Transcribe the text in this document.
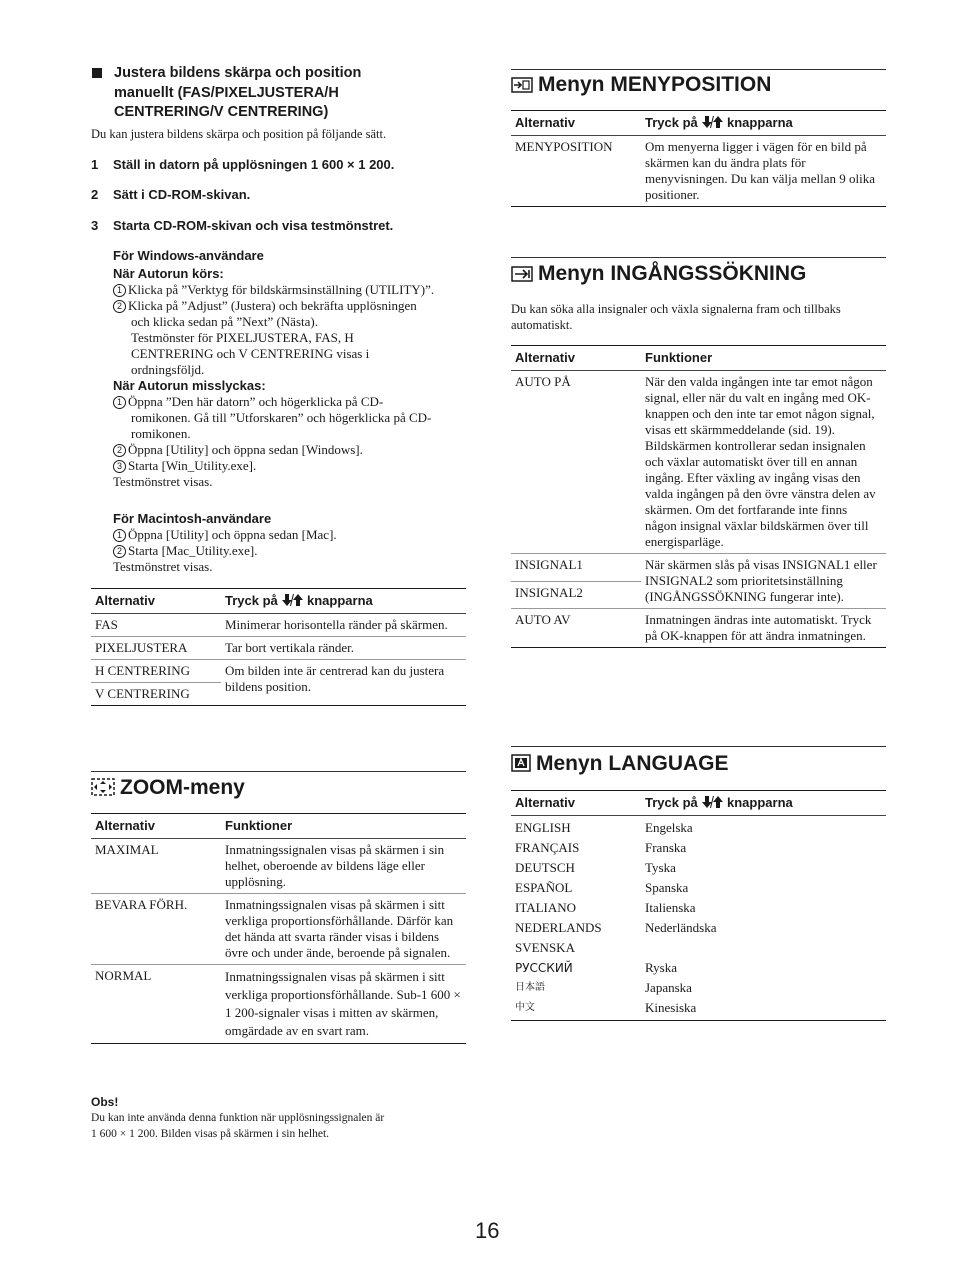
Justera bildens skärpa och position
manuellt (FAS/PIXELJUSTERA/H
CENTRERING/V CENTRERING)
Du kan justera bildens skärpa och position på följande sätt.
1 Ställ in datorn på upplösningen 1 600 × 1 200.
2 Sätt i CD-ROM-skivan.
3 Starta CD-ROM-skivan och visa testmönstret.
För Windows-användare
När Autorun körs:
1 Klicka på ”Verktyg för bildskärmsinställning (UTILITY)”.
2 Klicka på ”Adjust” (Justera) och bekräfta upplösningen
och klicka sedan på ”Next” (Nästa).
Testmönster för PIXELJUSTERA, FAS, H
CENTRERING och V CENTRERING visas i
ordningsföljd.
När Autorun misslyckas:
1 Öppna ”Den här datorn” och högerklicka på CD-
romikonen. Gå till ”Utforskaren” och högerklicka på CD-
romikonen.
2 Öppna [Utility] och öppna sedan [Windows].
3 Starta [Win_Utility.exe].
Testmönstret visas.
För Macintosh-användare
1 Öppna [Utility] och öppna sedan [Mac].
2 Starta [Mac_Utility.exe].
Testmönstret visas.
Alternativ	Tryck på knapparna
FAS	Minimerar horisontella ränder på skärmen.
PIXELJUSTERA	Tar bort vertikala ränder.
H CENTRERING	Om bilden inte är centrerad kan du justera bildens position.
V CENTRERING	
ZOOM-meny
Alternativ	Funktioner
MAXIMAL	Inmatningssignalen visas på skärmen i sin helhet, oberoende av bildens läge eller upplösning.
BEVARA FÖRH.	Inmatningssignalen visas på skärmen i sitt verkliga proportionsförhållande. Därför kan det hända att svarta ränder visas i bildens övre och under ände, beroende på signalen.
NORMAL	Inmatningssignalen visas på skärmen i sitt verkliga proportionsförhållande. Sub-1 600 × 1 200-signaler visas i mitten av skärmen, omgärdade av en svart ram.
Obs!
Du kan inte använda denna funktion när upplösningssignalen är
1 600 × 1 200. Bilden visas på skärmen i sin helhet.
Menyn MENYPOSITION
Alternativ	Tryck på knapparna
MENYPOSITION	Om menyerna ligger i vägen för en bild på skärmen kan du ändra plats för menyvisningen. Du kan välja mellan 9 olika positioner.
Menyn INGÅNGSSÖKNING
Du kan söka alla insignaler och växla signalerna fram och tillbaks
automatiskt.
Alternativ	Funktioner
AUTO PÅ	När den valda ingången inte tar emot någon signal, eller när du valt en ingång med OK-knappen och den inte tar emot någon signal, visas ett skärmmeddelande (sid. 19). Bildskärmen kontrollerar sedan insignalen och växlar automatiskt över till en annan ingång. Efter växling av ingång visas den valda ingången på den övre vänstra delen av skärmen. Om det fortfarande inte finns någon insignal växlar bildskärmen över till energisparläge.
INSIGNAL1	När skärmen slås på visas INSIGNAL1 eller INSIGNAL2 som prioritetsinställning (INGÅNGSSÖKNING fungerar inte).
INSIGNAL2	
AUTO AV	Inmatningen ändras inte automatiskt. Tryck på OK-knappen för att ändra inmatningen.
Menyn LANGUAGE
Alternativ	Tryck på knapparna
ENGLISH	Engelska
FRANÇAIS	Franska
DEUTSCH	Tyska
ESPAÑOL	Spanska
ITALIANO	Italienska
NEDERLANDS	Nederländska
SVENSKA	
РУССКИЙ	Ryska
日本語	Japanska
中文	Kinesiska
16
